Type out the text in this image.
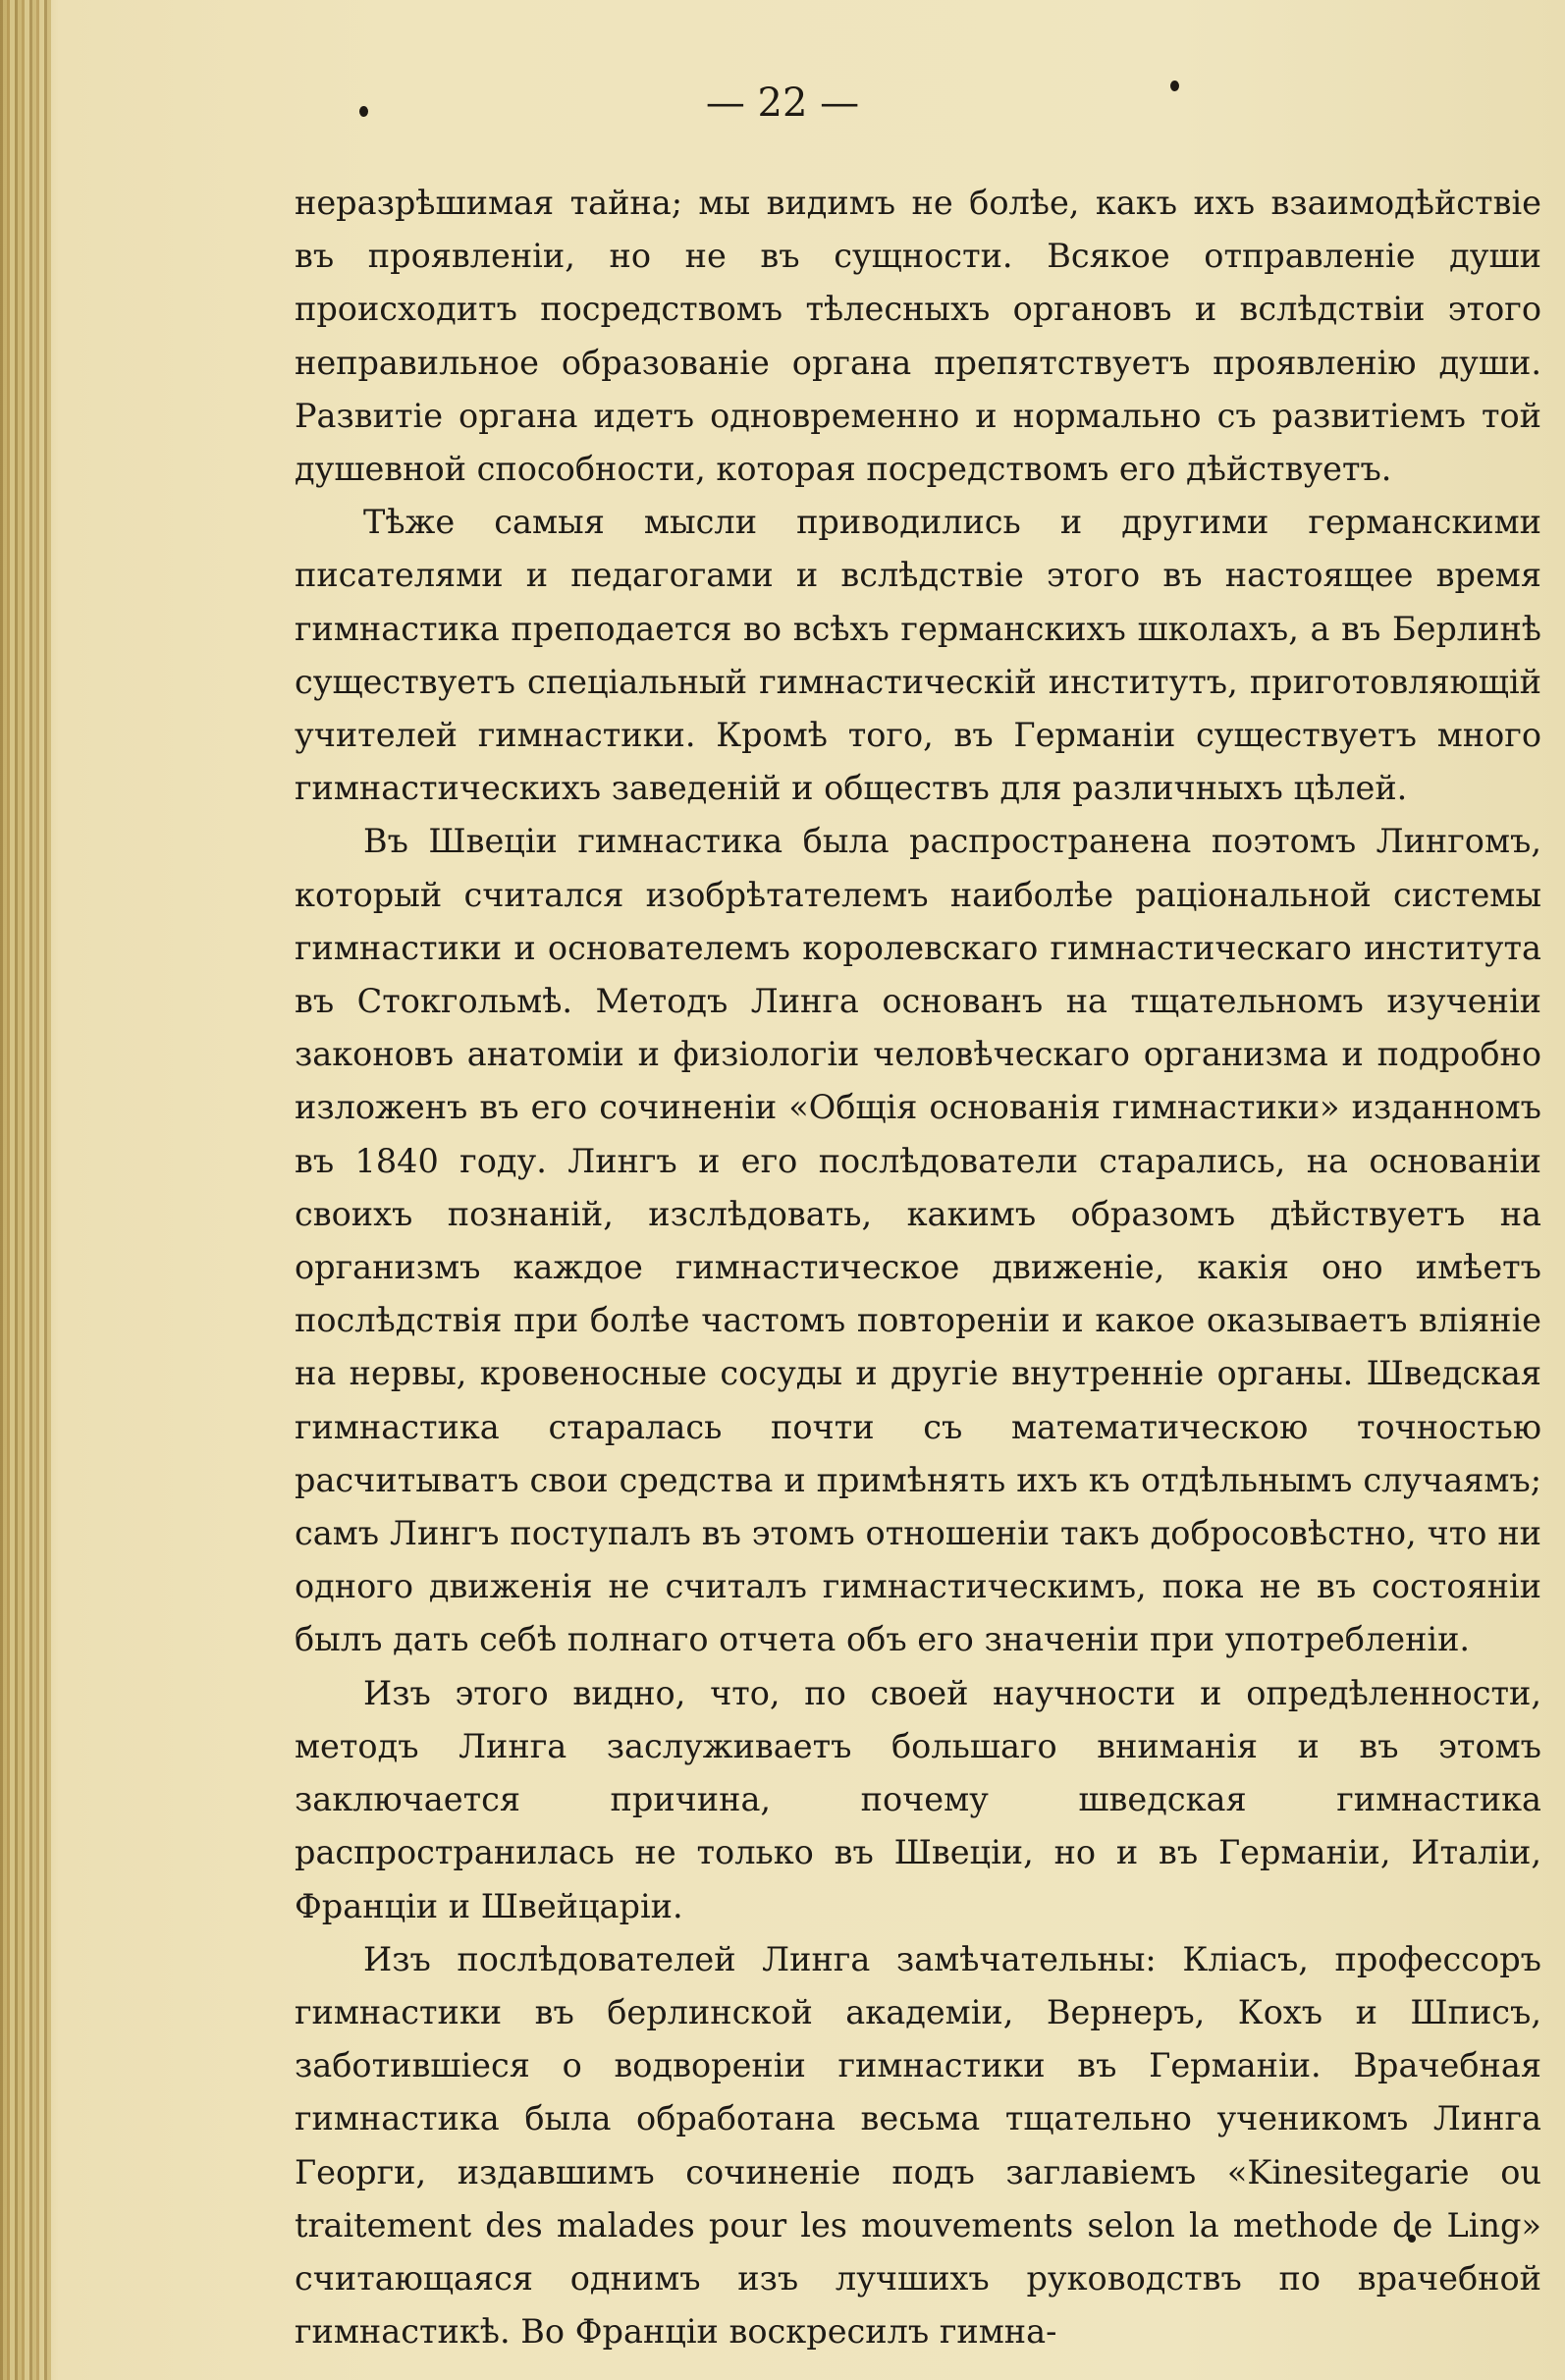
— 22 —

неразрѣшимая тайна; мы видимъ не болѣе, какъ ихъ взаимодѣйствіе въ проявленіи, но не въ сущности. Всякое отправленіе души происходитъ посредствомъ тѣлесныхъ органовъ и вслѣдствіи этого неправильное образованіе органа препятствуетъ проявленію души. Развитіе органа идетъ одновременно и нормально съ развитіемъ той душевной способности, которая посредствомъ его дѣйствуетъ.

Тѣже самыя мысли приводились и другими германскими писателями и педагогами и вслѣдствіе этого въ настоящее время гимнастика преподается во всѣхъ германскихъ школахъ, а въ Берлинѣ существуетъ спеціальный гимнастическій институтъ, приготовляющій учителей гимнастики. Кромѣ того, въ Германіи существуетъ много гимнастическихъ заведеній и обществъ для различныхъ цѣлей.

Въ Швеціи гимнастика была распространена поэтомъ Лингомъ, который считался изобрѣтателемъ наиболѣе раціональной системы гимнастики и основателемъ королевскаго гимнастическаго института въ Стокгольмѣ. Методъ Линга основанъ на тщательномъ изученіи законовъ анатоміи и физіологіи человѣческаго организма и подробно изложенъ въ его сочиненіи «Общія основанія гимнастики» изданномъ въ 1840 году. Лингъ и его послѣдователи старались, на основаніи своихъ познаній, изслѣдовать, какимъ образомъ дѣйствуетъ на организмъ каждое гимнастическое движеніе, какія оно имѣетъ послѣдствія при болѣе частомъ повтореніи и какое оказываетъ вліяніе на нервы, кровеносные сосуды и другіе внутренніе органы. Шведская гимнастика старалась почти съ математическою точностью расчитыватъ свои средства и примѣнять ихъ къ отдѣльнымъ случаямъ; самъ Лингъ поступалъ въ этомъ отношеніи такъ добросовѣстно, что ни одного движенія не считалъ гимнастическимъ, пока не въ состояніи былъ дать себѣ полнаго отчета объ его значеніи при употребленіи.

Изъ этого видно, что, по своей научности и опредѣленности, методъ Линга заслуживаетъ большаго вниманія и въ этомъ заключается причина, почему шведская гимнастика распространилась не только въ Швеціи, но и въ Германіи, Италіи, Франціи и Швейцаріи.

Изъ послѣдователей Линга замѣчательны: Кліасъ, профессоръ гимнастики въ берлинской академіи, Вернеръ, Кохъ и Шписъ, заботившіеся о водвореніи гимнастики въ Германіи. Врачебная гимнастика была обработана весьма тщательно ученикомъ Линга Георги, издавшимъ сочиненіе подъ заглавіемъ «Kinesitegarie ou traitement des malades pour les mouvements selon la methode de Ling» считающаяся однимъ изъ лучшихъ руководствъ по врачебной гимнастикѣ. Во Франціи воскресилъ гимна-
